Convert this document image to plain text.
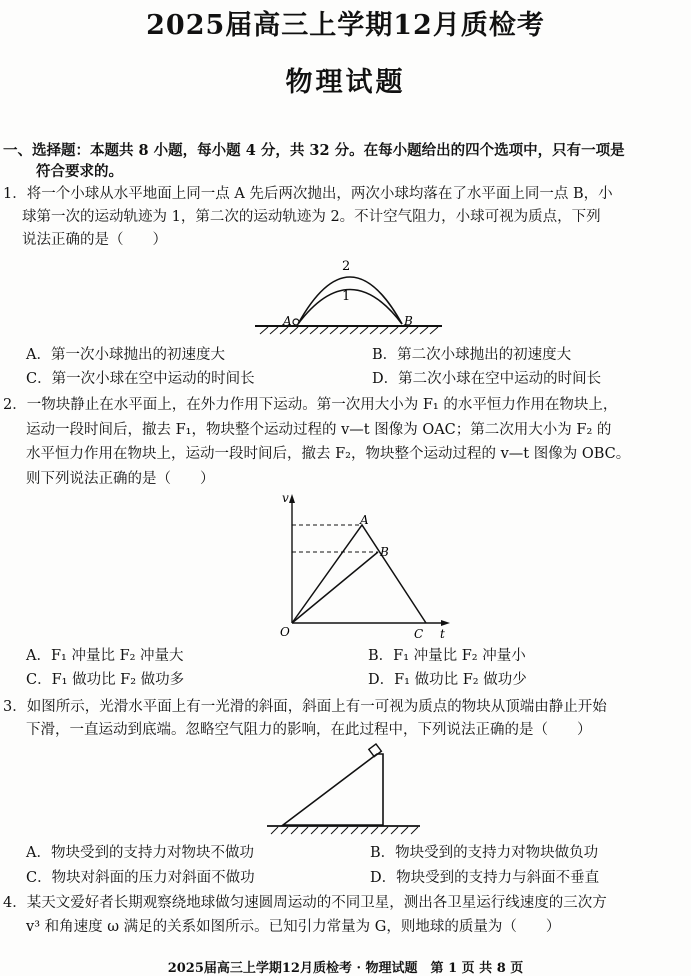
2025届高三上学期12月质检考
物理试题
一、选择题：本题共 8 小题，每小题 4 分，共 32 分。在每小题给出的四个选项中，只有一项是
符合要求的。
1．将一个小球从水平地面上同一点 A 先后两次抛出，两次小球均落在了水平面上同一点 B，小
球第一次的运动轨迹为 1，第二次的运动轨迹为 2。不计空气阻力，小球可视为质点，下列
说法正确的是（　　）
2
1
A	B
A．第一次小球抛出的初速度大	B．第二次小球抛出的初速度大
C．第一次小球在空中运动的时间长	D．第二次小球在空中运动的时间长
2．一物块静止在水平面上，在外力作用下运动。第一次用大小为 F₁ 的水平恒力作用在物块上，
运动一段时间后，撤去 F₁，物块整个运动过程的 v—t 图像为 OAC；第二次用大小为 F₂ 的
水平恒力作用在物块上，运动一段时间后，撤去 F₂，物块整个运动过程的 v—t 图像为 OBC。
则下列说法正确的是（　　）
v
t
O
A
B
C
A．F₁ 冲量比 F₂ 冲量大	B．F₁ 冲量比 F₂ 冲量小
C．F₁ 做功比 F₂ 做功多	D．F₁ 做功比 F₂ 做功少
3．如图所示，光滑水平面上有一光滑的斜面，斜面上有一可视为质点的物块从顶端由静止开始
下滑，一直运动到底端。忽略空气阻力的影响，在此过程中，下列说法正确的是（　　）
A．物块受到的支持力对物块不做功	B．物块受到的支持力对物块做负功
C．物块对斜面的压力对斜面不做功	D．物块受到的支持力与斜面不垂直
4．某天文爱好者长期观察绕地球做匀速圆周运动的不同卫星，测出各卫星运行线速度的三次方
v³ 和角速度 ω 满足的关系如图所示。已知引力常量为 G，则地球的质量为（　　）
2025届高三上学期12月质检考 · 物理试题　第 1 页 共 8 页
